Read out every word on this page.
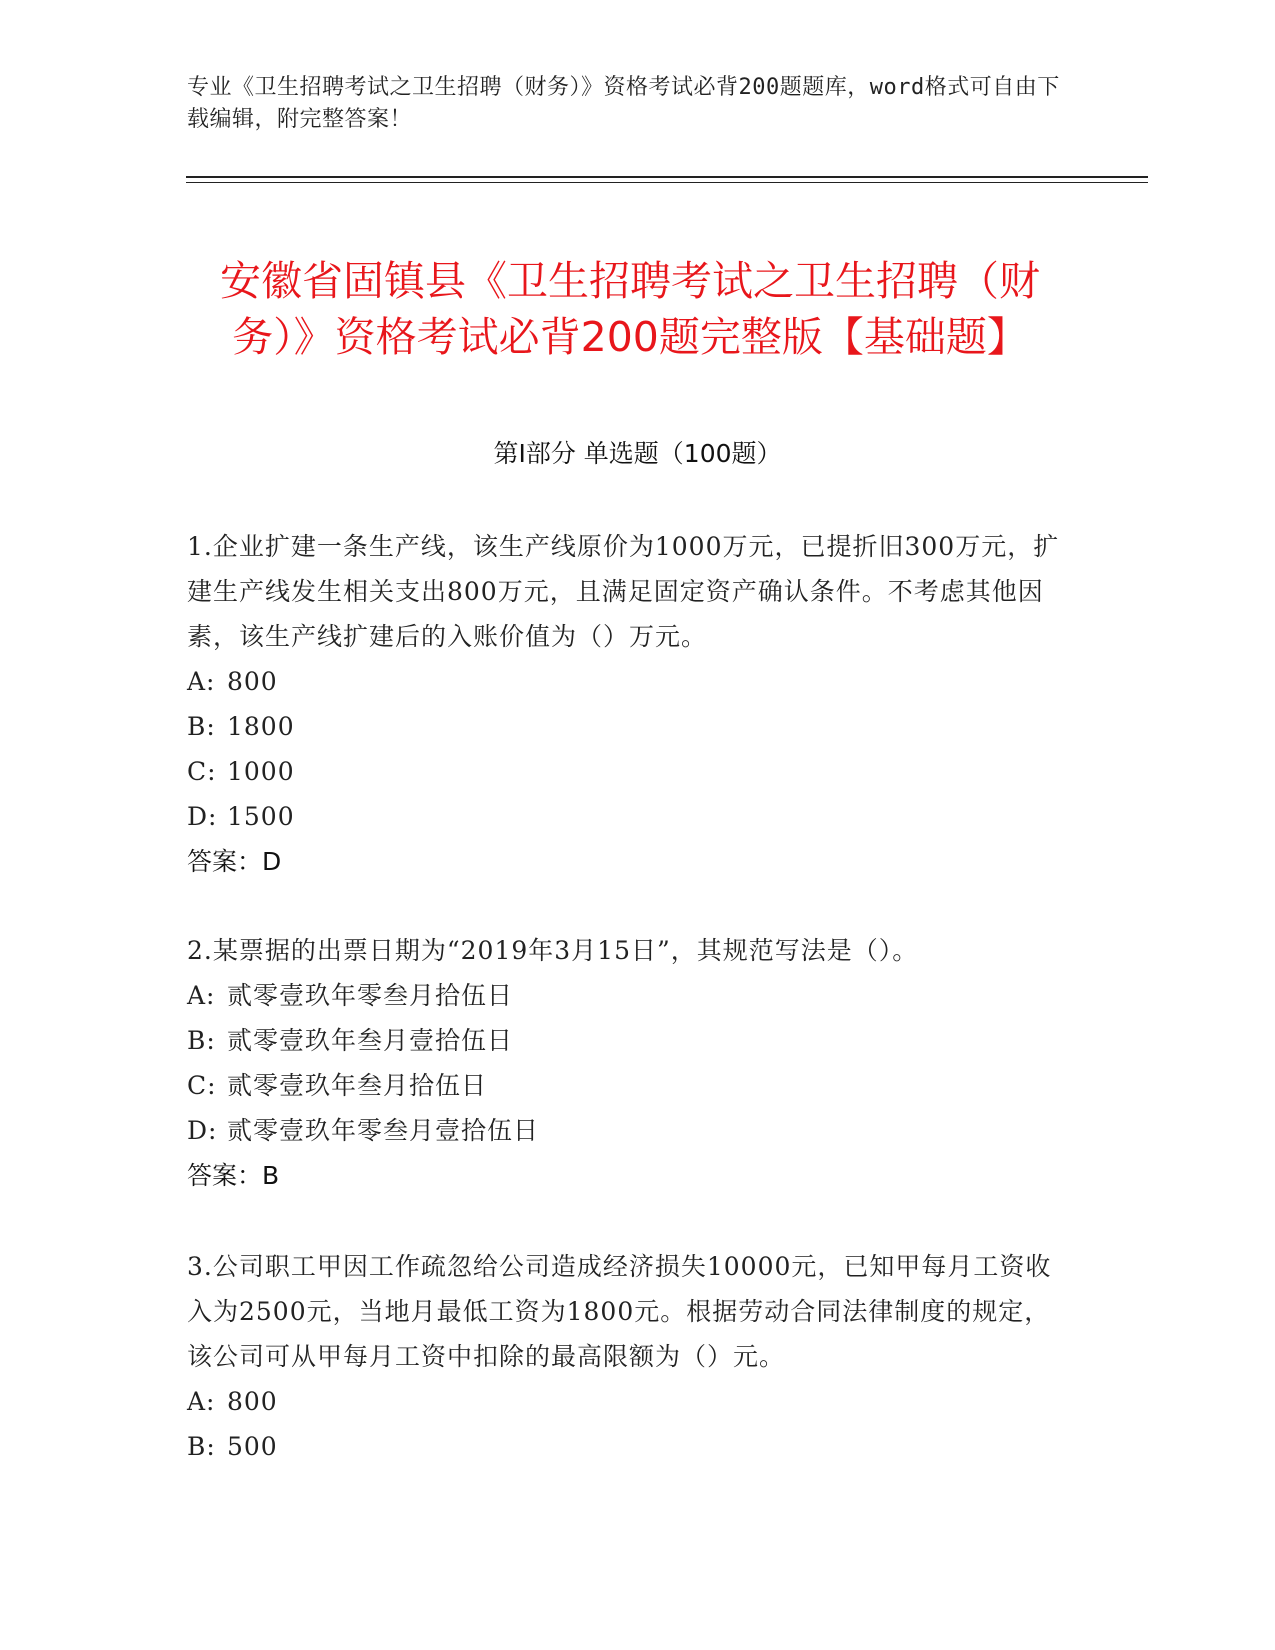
专业《卫生招聘考试之卫生招聘（财务）》资格考试必背200题题库，word格式可自由下载编辑，附完整答案！
安徽省固镇县《卫生招聘考试之卫生招聘（财务）》资格考试必背200题完整版【基础题】
第Ⅰ部分 单选题（100题）

1.企业扩建一条生产线，该生产线原价为1000万元，已提折旧300万元，扩建生产线发生相关支出800万元，且满足固定资产确认条件。不考虑其他因素，该生产线扩建后的入账价值为（）万元。

A: 800

B: 1800

C: 1000

D: 1500

答案：D

2.某票据的出票日期为“2019年3月15日”，其规范写法是（）。

A: 贰零壹玖年零叁月拾伍日

B: 贰零壹玖年叁月壹拾伍日

C: 贰零壹玖年叁月拾伍日

D: 贰零壹玖年零叁月壹拾伍日

答案：B

3.公司职工甲因工作疏忽给公司造成经济损失10000元，已知甲每月工资收入为2500元，当地月最低工资为1800元。根据劳动合同法律制度的规定，该公司可从甲每月工资中扣除的最高限额为（）元。

A: 800

B: 500
